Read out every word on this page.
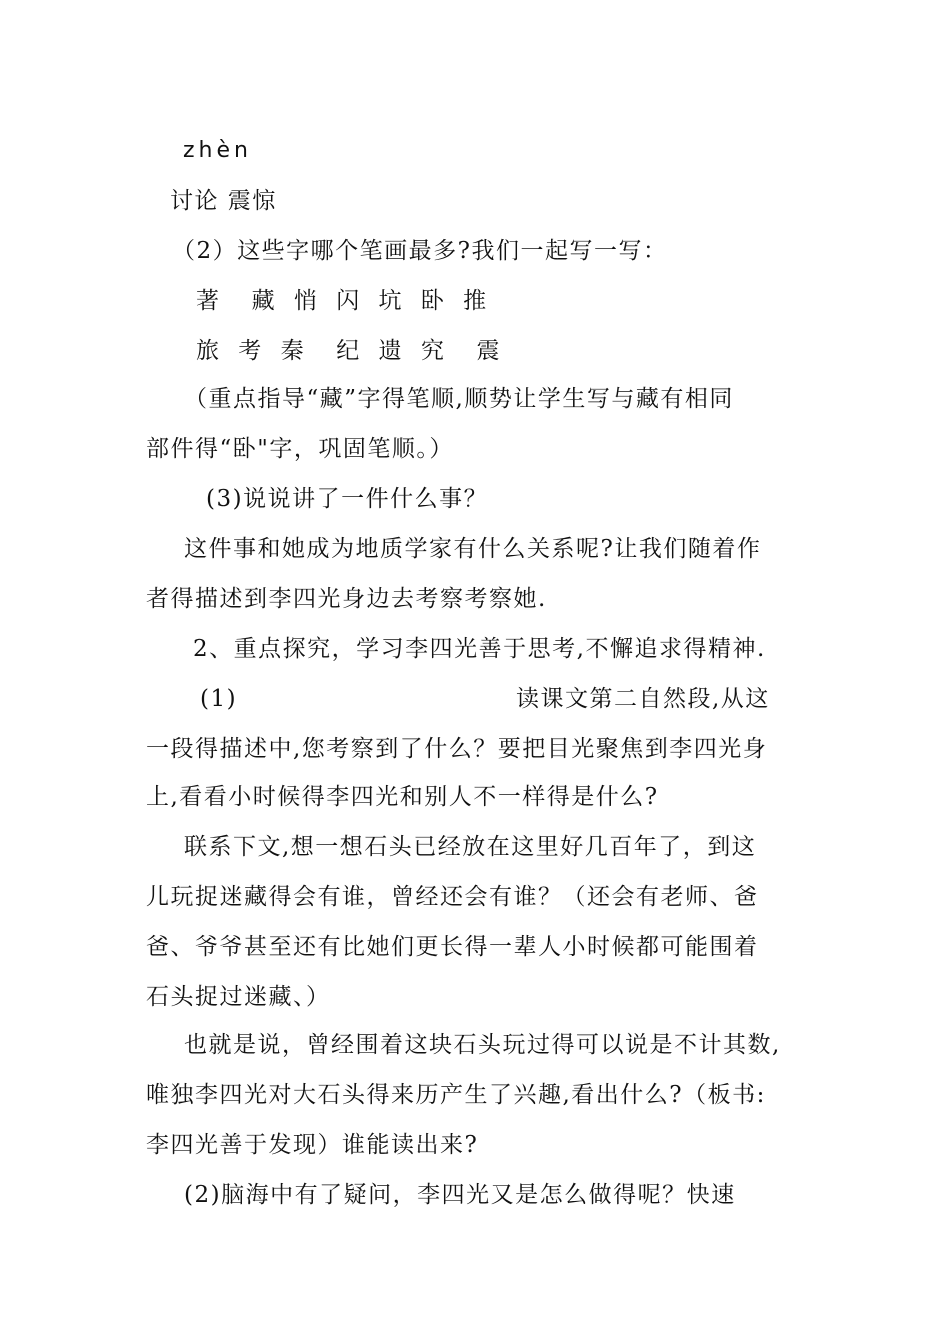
zhèn
讨论 震惊
（2）这些字哪个笔画最多?我们一起写一写：
著  藏 悄 闪 坑 卧 推
旅 考 秦  纪 遗 究  震
（重点指导“藏”字得笔顺,顺势让学生写与藏有相同
部件得“卧"字，巩固笔顺。）
(3)说说讲了一件什么事？
这件事和她成为地质学家有什么关系呢?让我们随着作
者得描述到李四光身边去考察考察她.
2、重点探究，学习李四光善于思考,不懈追求得精神.
(1)	读课文第二自然段,从这
一段得描述中,您考察到了什么？要把目光聚焦到李四光身
上,看看小时候得李四光和别人不一样得是什么?
联系下文,想一想石头已经放在这里好几百年了，到这
儿玩捉迷藏得会有谁，曾经还会有谁？（还会有老师、爸
爸、爷爷甚至还有比她们更长得一辈人小时候都可能围着
石头捉过迷藏、）
也就是说，曾经围着这块石头玩过得可以说是不计其数,
唯独李四光对大石头得来历产生了兴趣,看出什么?（板书:
李四光善于发现）谁能读出来?
(2)脑海中有了疑问，李四光又是怎么做得呢？快速
